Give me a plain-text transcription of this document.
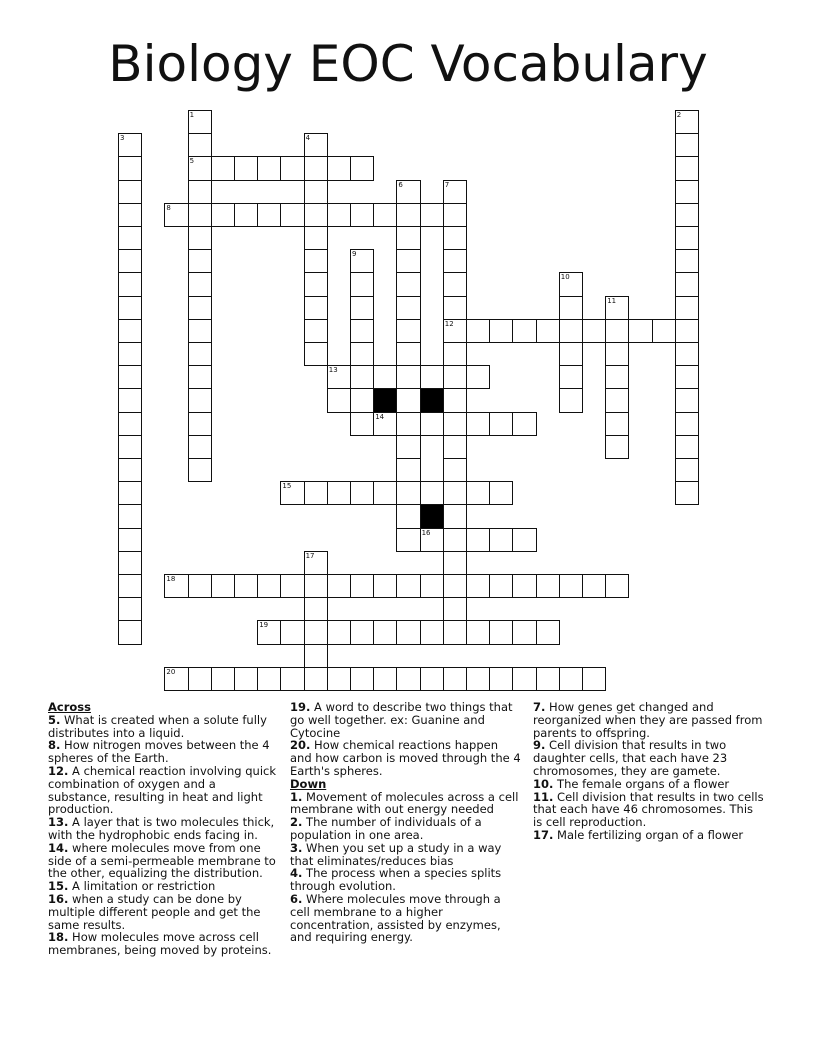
Biology EOC Vocabulary
1
5
2
3	4
6	7
12
8
9
10
11
13
14
15
16
17
18
19
20

Across

5. What is created when a solute fully distributes into a liquid.

8. How nitrogen moves between the 4 spheres of the Earth.

12. A chemical reaction involving quick combination of oxygen and a substance, resulting in heat and light production.

13. A layer that is two molecules thick, with the hydrophobic ends facing in.

14. where molecules move from one side of a semi-permeable membrane to the other, equalizing the distribution.

15. A limitation or restriction

16. when a study can be done by multiple different people and get the same results.

18. How molecules move across cell membranes, being moved by proteins.

19. A word to describe two things that go well together. ex: Guanine and Cytocine

20. How chemical reactions happen and how carbon is moved through the 4 Earth's spheres.

Down

1. Movement of molecules across a cell membrane with out energy needed

2. The number of individuals of a population in one area.

3. When you set up a study in a way that eliminates/reduces bias

4. The process when a species splits through evolution.

6. Where molecules move through a cell membrane to a higher concentration, assisted by enzymes, and requiring energy.

7. How genes get changed and reorganized when they are passed from parents to offspring.

9. Cell division that results in two daughter cells, that each have 23 chromosomes, they are gamete.

10. The female organs of a flower

11. Cell division that results in two cells that each have 46 chromosomes. This is cell reproduction.

17. Male fertilizing organ of a flower
